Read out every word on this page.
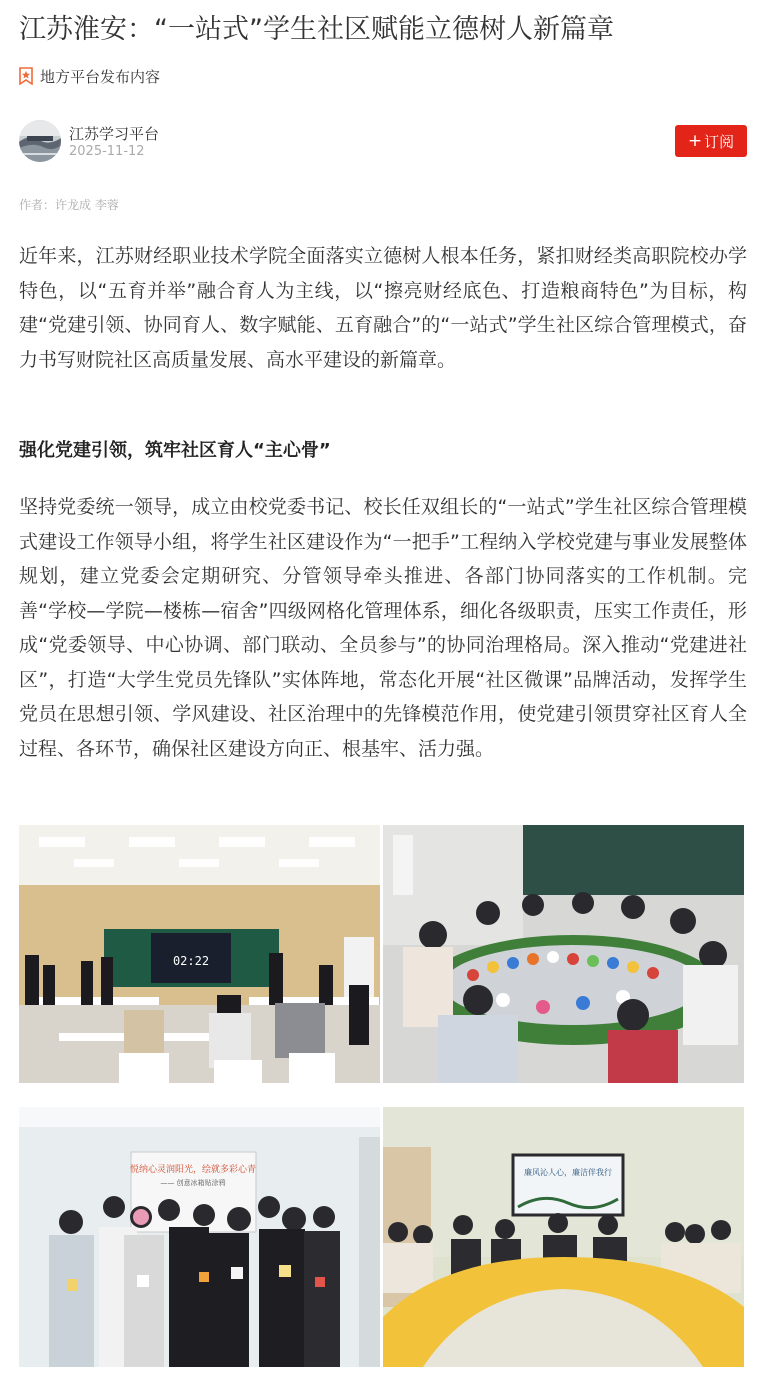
江苏淮安：“一站式”学生社区赋能立德树人新篇章
地方平台发布内容
江苏学习平台
2025-11-12
+ 订阅
作者：许龙成 李蓉

近年来，江苏财经职业技术学院全面落实立德树人根本任务，紧扣财经类高职院校办学特色，以“五育并举”融合育人为主线，以“擦亮财经底色、打造粮商特色”为目标，构建“党建引领、协同育人、数字赋能、五育融合”的“一站式”学生社区综合管理模式，奋力书写财院社区高质量发展、高水平建设的新篇章。

强化党建引领，筑牢社区育人“主心骨”

坚持党委统一领导，成立由校党委书记、校长任双组长的“一站式”学生社区综合管理模式建设工作领导小组，将学生社区建设作为“一把手”工程纳入学校党建与事业发展整体规划，建立党委会定期研究、分管领导牵头推进、各部门协同落实的工作机制。完善“学校—学院—楼栋—宿舍”四级网格化管理体系，细化各级职责，压实工作责任，形成“党委领导、中心协调、部门联动、全员参与”的协同治理格局。深入推动“党建进社区”，打造“大学生党员先锋队”实体阵地，常态化开展“社区微课”品牌活动，发挥学生党员在思想引领、学风建设、社区治理中的先锋模范作用，使党建引领贯穿社区育人全过程、各环节，确保社区建设方向正、根基牢、活力强。

02:22
悦纳心灵润阳光，绘就多彩心青
—— 创意冰箱贴涂鸦
廉风沁人心，廉洁伴我行
